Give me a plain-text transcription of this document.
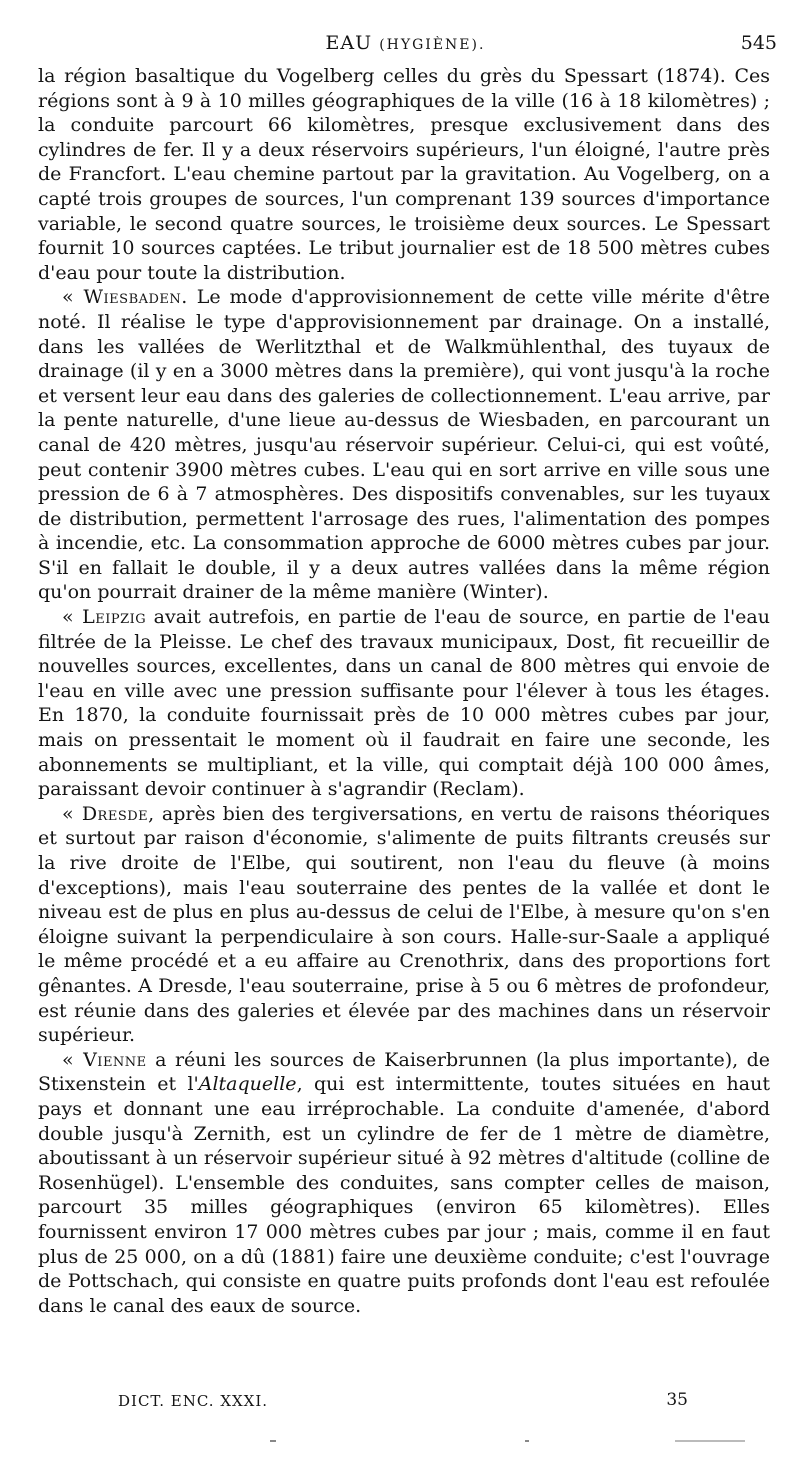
EAU (HYGIÈNE).	545

la région basaltique du Vogelberg celles du grès du Spessart (1874). Ces régions sont à 9 à 10 milles géographiques de la ville (16 à 18 kilomètres) ; la conduite parcourt 66 kilomètres, presque exclusivement dans des cylindres de fer. Il y a deux réservoirs supérieurs, l'un éloigné, l'autre près de Francfort. L'eau chemine partout par la gravitation. Au Vogelberg, on a capté trois groupes de sources, l'un comprenant 139 sources d'importance variable, le second quatre sources, le troisième deux sources. Le Spessart fournit 10 sources captées. Le tribut journalier est de 18 500 mètres cubes d'eau pour toute la distribution.

« Wiesbaden. Le mode d'approvisionnement de cette ville mérite d'être noté. Il réalise le type d'approvisionnement par drainage. On a installé, dans les vallées de Werlitzthal et de Walkmühlenthal, des tuyaux de drainage (il y en a 3000 mètres dans la première), qui vont jusqu'à la roche et versent leur eau dans des galeries de collectionnement. L'eau arrive, par la pente naturelle, d'une lieue au-dessus de Wiesbaden, en parcourant un canal de 420 mètres, jusqu'au réservoir supérieur. Celui-ci, qui est voûté, peut contenir 3900 mètres cubes. L'eau qui en sort arrive en ville sous une pression de 6 à 7 atmosphères. Des dispositifs convenables, sur les tuyaux de distribution, permettent l'arrosage des rues, l'alimentation des pompes à incendie, etc. La consommation approche de 6000 mètres cubes par jour. S'il en fallait le double, il y a deux autres vallées dans la même région qu'on pourrait drainer de la même manière (Winter).

« Leipzig avait autrefois, en partie de l'eau de source, en partie de l'eau filtrée de la Pleisse. Le chef des travaux municipaux, Dost, fit recueillir de nouvelles sources, excellentes, dans un canal de 800 mètres qui envoie de l'eau en ville avec une pression suffisante pour l'élever à tous les étages. En 1870, la conduite fournissait près de 10 000 mètres cubes par jour, mais on pressentait le moment où il faudrait en faire une seconde, les abonnements se multipliant, et la ville, qui comptait déjà 100 000 âmes, paraissant devoir continuer à s'agrandir (Reclam).

« Dresde, après bien des tergiversations, en vertu de raisons théoriques et surtout par raison d'économie, s'alimente de puits filtrants creusés sur la rive droite de l'Elbe, qui soutirent, non l'eau du fleuve (à moins d'exceptions), mais l'eau souterraine des pentes de la vallée et dont le niveau est de plus en plus au-dessus de celui de l'Elbe, à mesure qu'on s'en éloigne suivant la perpendiculaire à son cours. Halle-sur-Saale a appliqué le même procédé et a eu affaire au Crenothrix, dans des proportions fort gênantes. A Dresde, l'eau souterraine, prise à 5 ou 6 mètres de profondeur, est réunie dans des galeries et élevée par des machines dans un réservoir supérieur.

« Vienne a réuni les sources de Kaiserbrunnen (la plus importante), de Stixenstein et l'Altaquelle, qui est intermittente, toutes situées en haut pays et donnant une eau irréprochable. La conduite d'amenée, d'abord double jusqu'à Zernith, est un cylindre de fer de 1 mètre de diamètre, aboutissant à un réservoir supérieur situé à 92 mètres d'altitude (colline de Rosenhügel). L'ensemble des conduites, sans compter celles de maison, parcourt 35 milles géographiques (environ 65 kilomètres). Elles fournissent environ 17 000 mètres cubes par jour ; mais, comme il en faut plus de 25 000, on a dû (1881) faire une deuxième conduite; c'est l'ouvrage de Pottschach, qui consiste en quatre puits profonds dont l'eau est refoulée dans le canal des eaux de source.

DICT. ENC. XXXI.	35
